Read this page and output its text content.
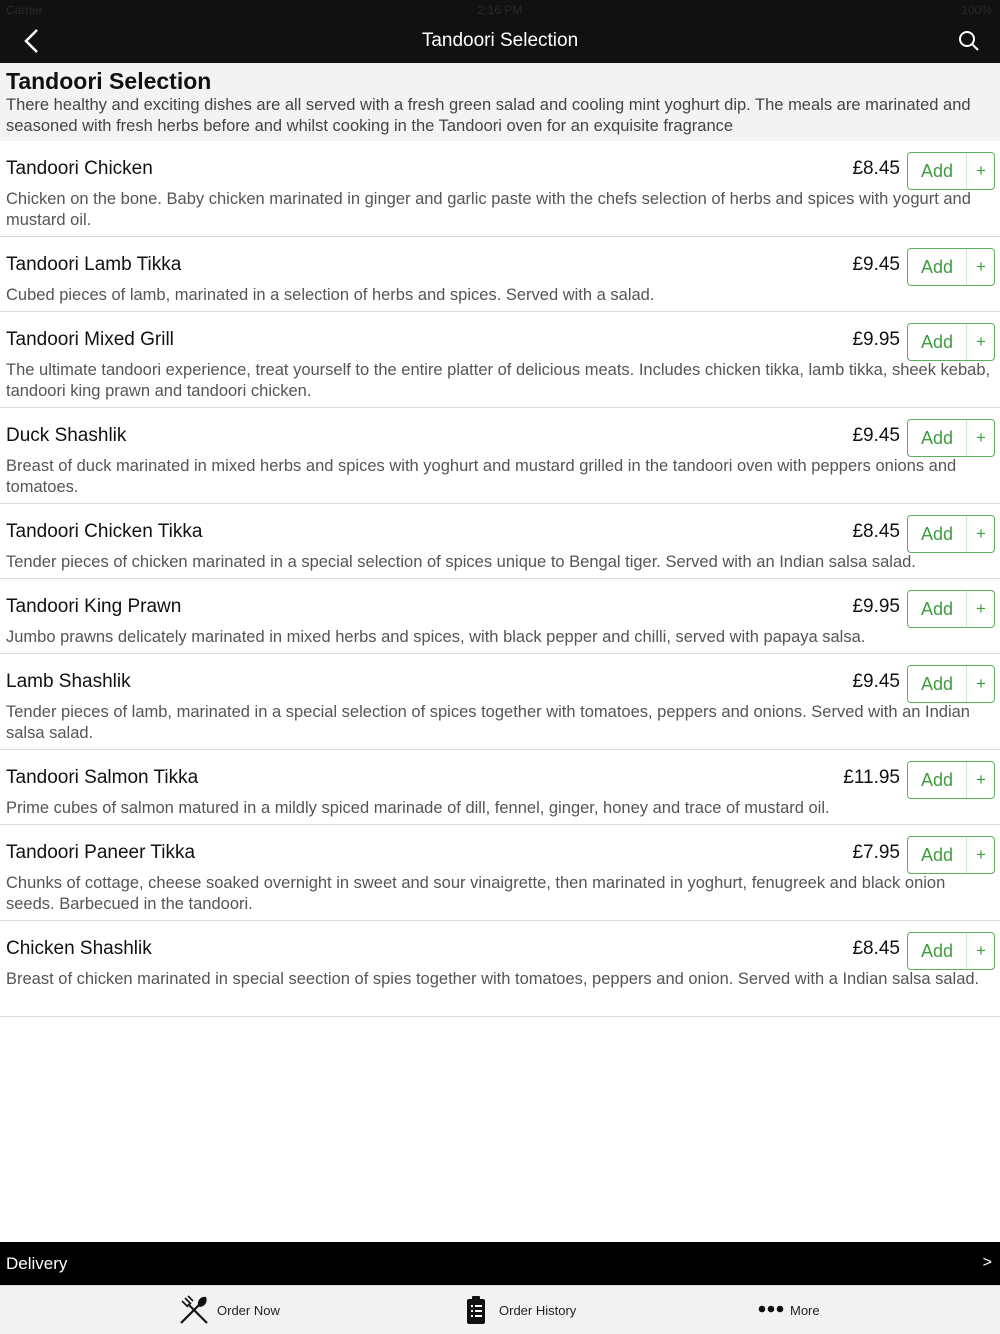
Carrier	2:16 PM	100%
Tandoori Selection
Tandoori Selection

There healthy and exciting dishes are all served with a fresh green salad and cooling mint yoghurt dip. The meals are marinated and seasoned with fresh herbs before and whilst cooking in the Tandoori oven for an exquisite fragrance

Tandoori Chicken	£8.45	Add	+
Chicken on the bone. Baby chicken marinated in ginger and garlic paste with the chefs selection of herbs and spices with yogurt and mustard oil.
Tandoori Lamb Tikka	£9.45	Add	+
Cubed pieces of lamb, marinated in a selection of herbs and spices. Served with a salad.
Tandoori Mixed Grill	£9.95	Add	+
The ultimate tandoori experience, treat yourself to the entire platter of delicious meats. Includes chicken tikka, lamb tikka, sheek kebab, tandoori king prawn and tandoori chicken.
Duck Shashlik	£9.45	Add	+
Breast of duck marinated in mixed herbs and spices with yoghurt and mustard grilled in the tandoori oven with peppers onions and tomatoes.
Tandoori Chicken Tikka	£8.45	Add	+
Tender pieces of chicken marinated in a special selection of spices unique to Bengal tiger. Served with an Indian salsa salad.
Tandoori King Prawn	£9.95	Add	+
Jumbo prawns delicately marinated in mixed herbs and spices, with black pepper and chilli, served with papaya salsa.
Lamb Shashlik	£9.45	Add	+
Tender pieces of lamb, marinated in a special selection of spices together with tomatoes, peppers and onions. Served with an Indian salsa salad.
Tandoori Salmon Tikka	£11.95	Add	+
Prime cubes of salmon matured in a mildly spiced marinade of dill, fennel, ginger, honey and trace of mustard oil.
Tandoori Paneer Tikka	£7.95	Add	+
Chunks of cottage, cheese soaked overnight in sweet and sour vinaigrette, then marinated in yoghurt, fenugreek and black onion seeds. Barbecued in the tandoori.
Chicken Shashlik	£8.45	Add	+
Breast of chicken marinated in special seection of spies together with tomatoes, peppers and onion. Served with a Indian salsa salad.
Delivery	>
Order Now	Order History	More
